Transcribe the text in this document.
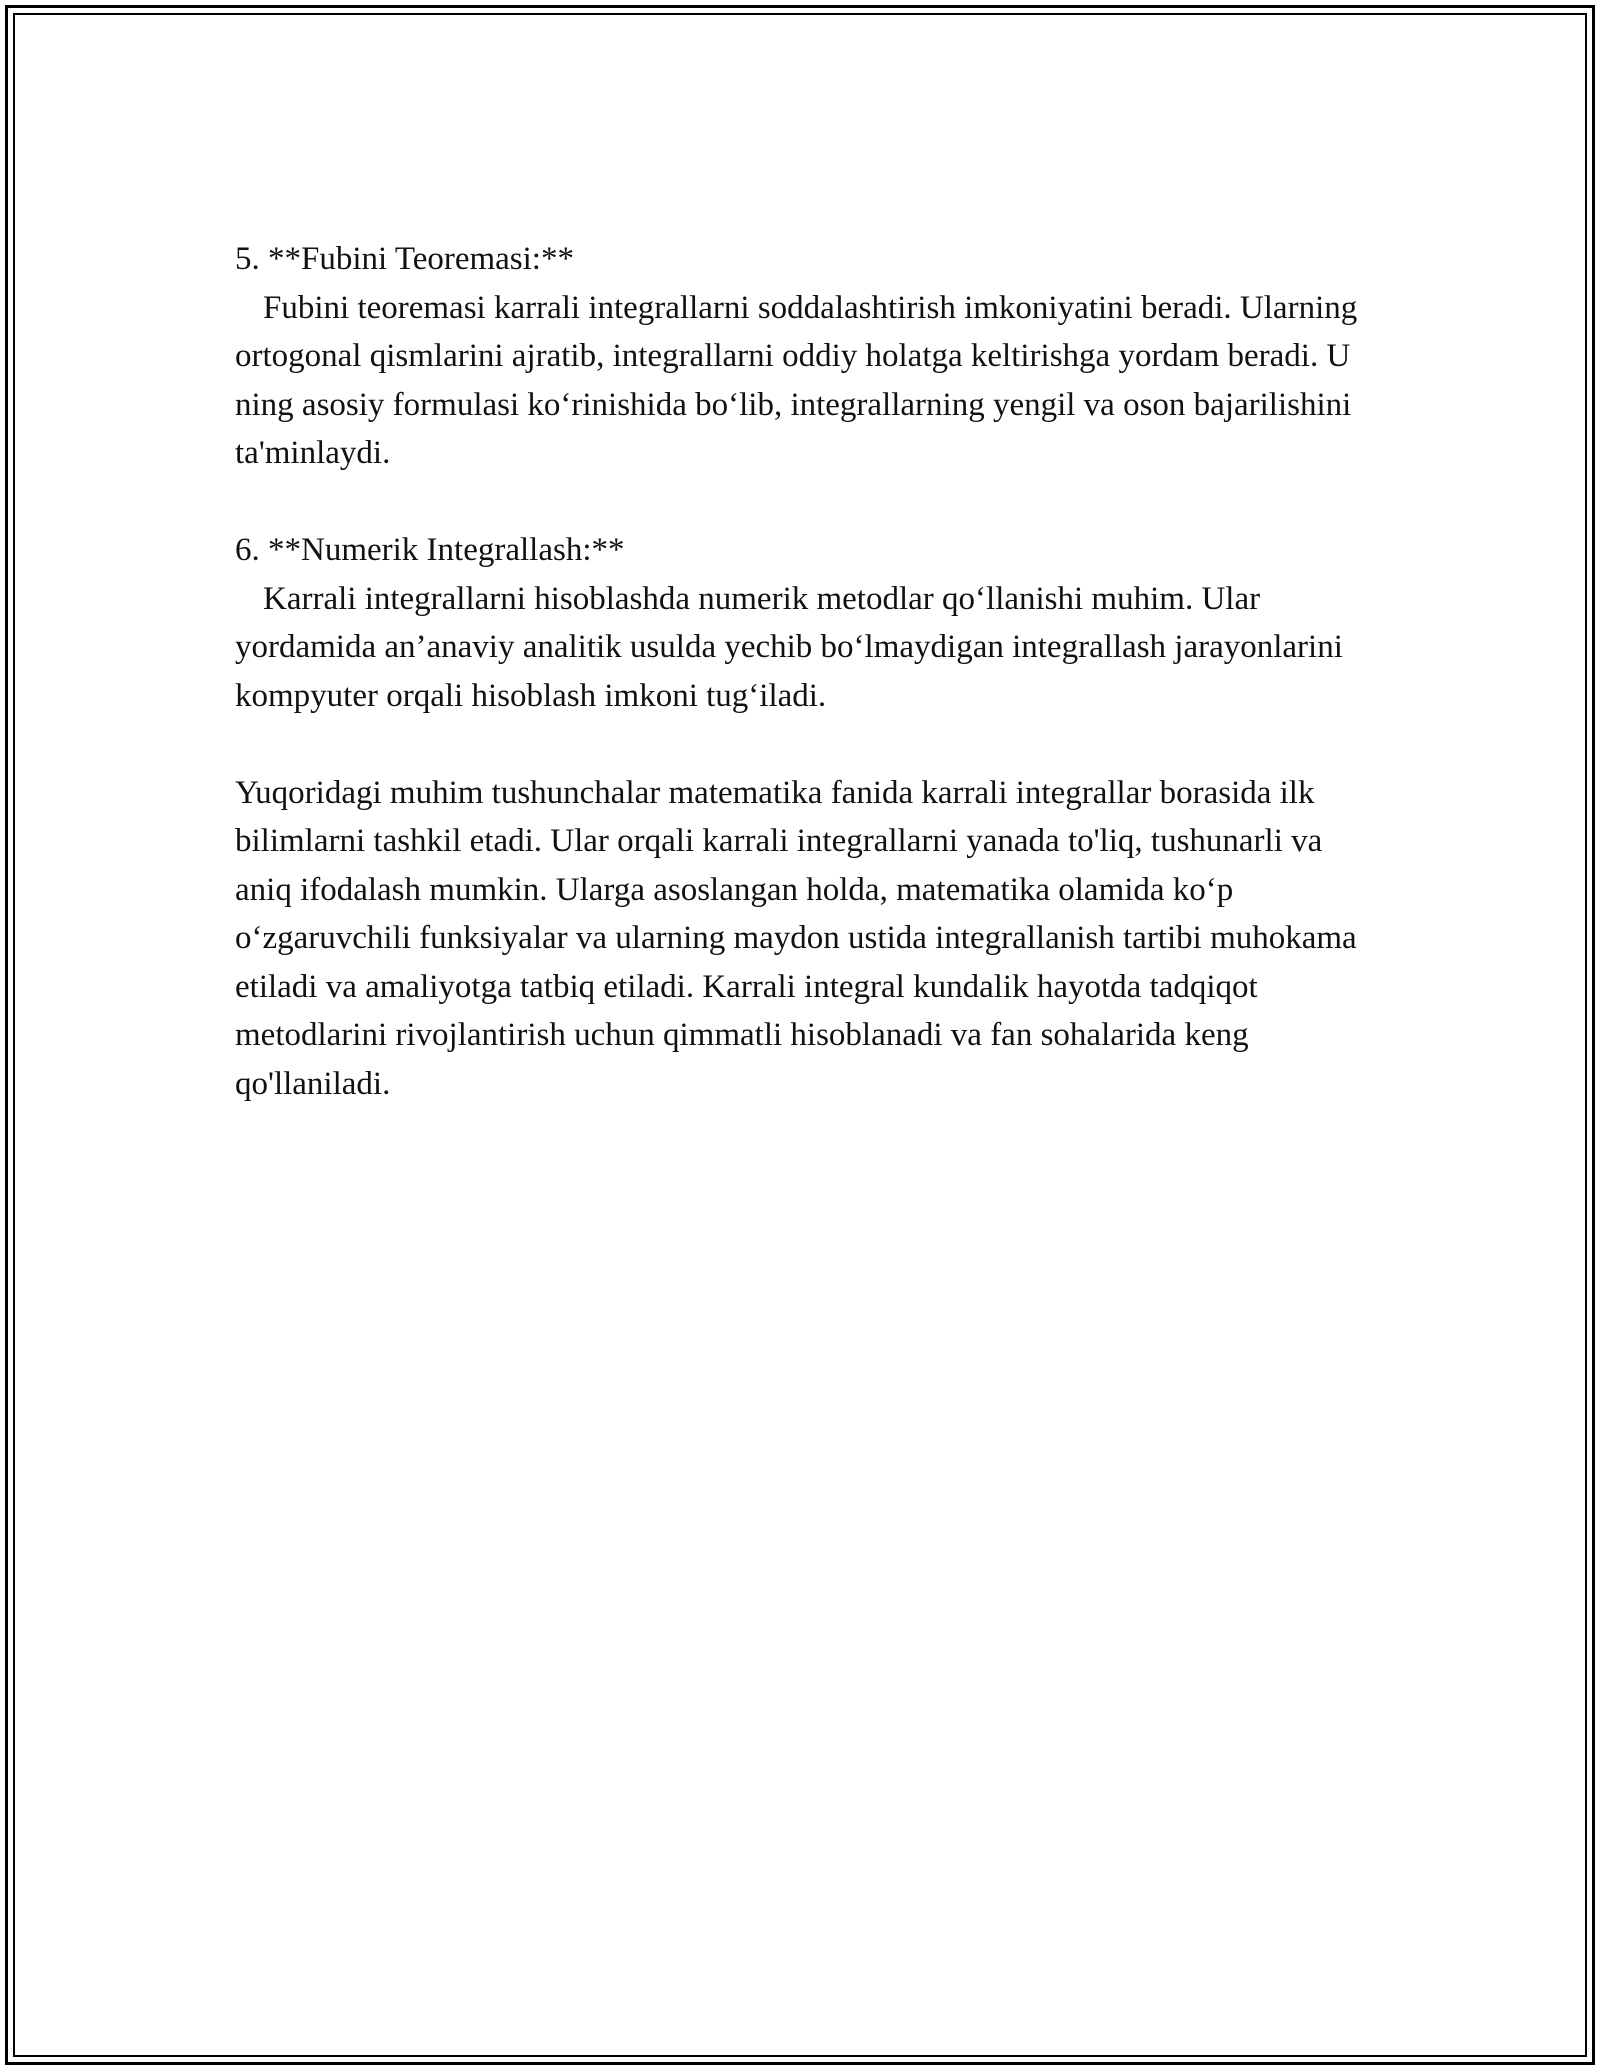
5. **Fubini Teoremasi:**

Fubini teoremasi karrali integrallarni soddalashtirish imkoniyatini beradi. Ularning ortogonal qismlarini ajratib, integrallarni oddiy holatga keltirishga yordam beradi. U ning asosiy formulasi koʻrinishida boʻlib, integrallarning yengil va oson bajarilishini ta'minlaydi.

6. **Numerik Integrallash:**

Karrali integrallarni hisoblashda numerik metodlar qoʻllanishi muhim. Ular yordamida an’anaviy analitik usulda yechib boʻlmaydigan integrallash jarayonlarini kompyuter orqali hisoblash imkoni tugʻiladi.

Yuqoridagi muhim tushunchalar matematika fanida karrali integrallar borasida ilk bilimlarni tashkil etadi. Ular orqali karrali integrallarni yanada to'liq, tushunarli va aniq ifodalash mumkin. Ularga asoslangan holda, matematika olamida koʻp oʻzgaruvchili funksiyalar va ularning maydon ustida integrallanish tartibi muhokama etiladi va amaliyotga tatbiq etiladi. Karrali integral kundalik hayotda tadqiqot metodlarini rivojlantirish uchun qimmatli hisoblanadi va fan sohalarida keng qo'llaniladi.
